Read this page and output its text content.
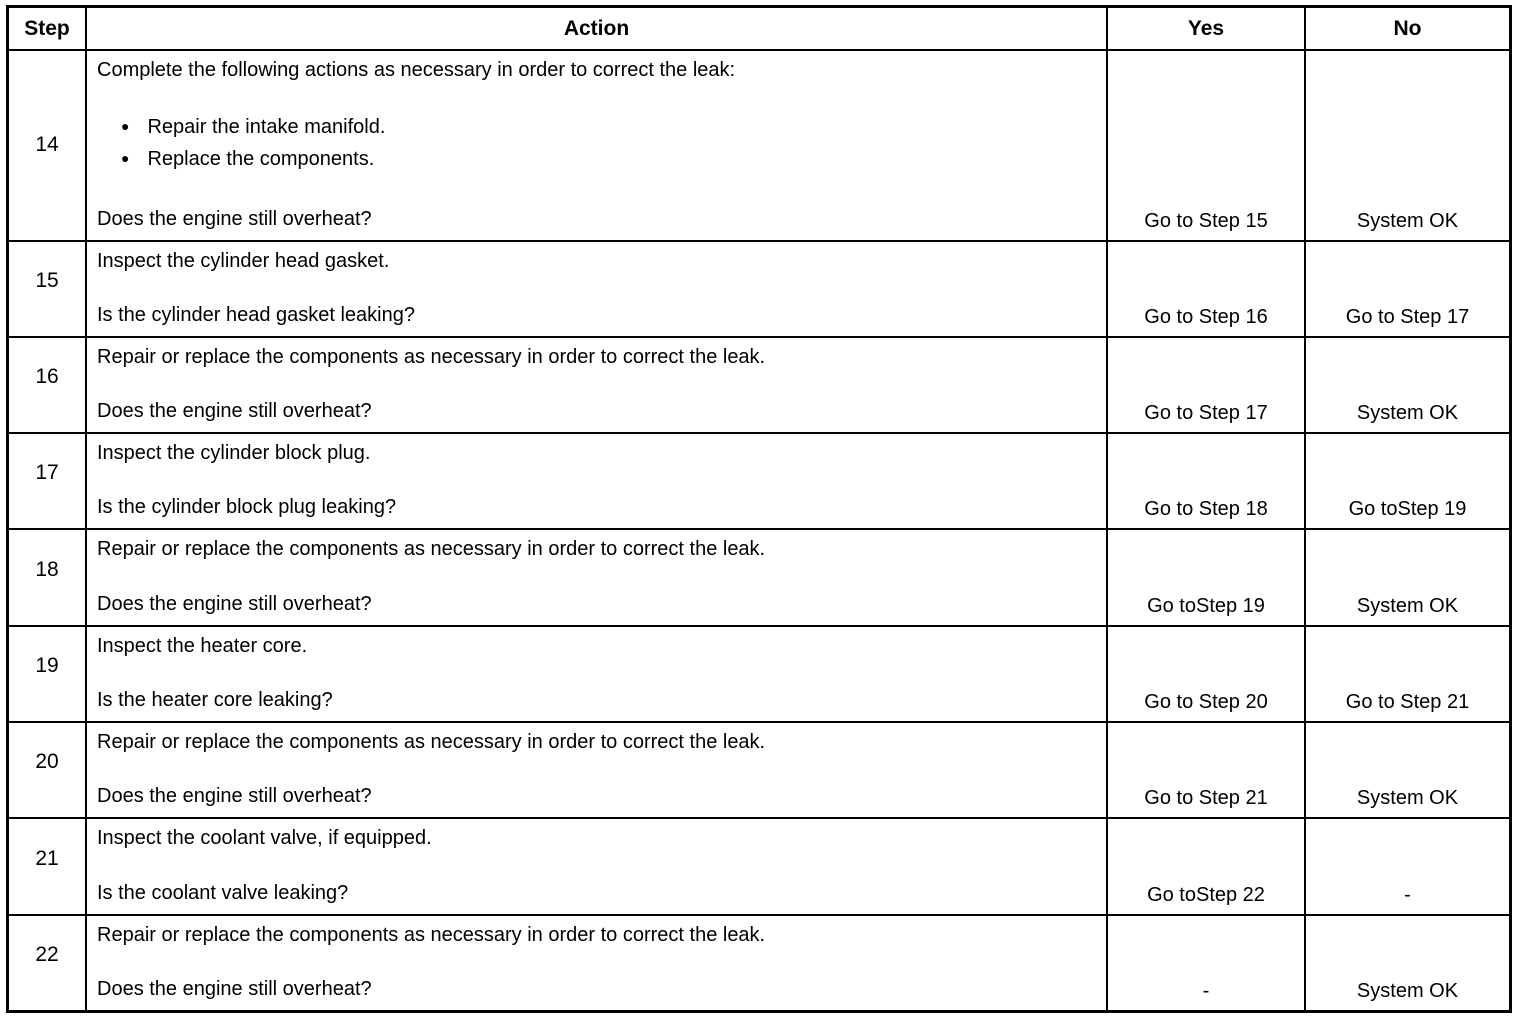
Step	Action	Yes	No
14
Complete the following actions as necessary in order to correct the leak:
● Repair the intake manifold.
● Replace the components.
Does the engine still overheat?	Go to Step 15	System OK
15
Inspect the cylinder head gasket.
Is the cylinder head gasket leaking?	Go to Step 16	Go to Step 17
16
Repair or replace the components as necessary in order to correct the leak.
Does the engine still overheat?	Go to Step 17	System OK
17
Inspect the cylinder block plug.
Is the cylinder block plug leaking?	Go to Step 18	Go toStep 19
18
Repair or replace the components as necessary in order to correct the leak.
Does the engine still overheat?	Go toStep 19	System OK
19
Inspect the heater core.
Is the heater core leaking?	Go to Step 20	Go to Step 21
20
Repair or replace the components as necessary in order to correct the leak.
Does the engine still overheat?	Go to Step 21	System OK
21
Inspect the coolant valve, if equipped.
Is the coolant valve leaking?	Go toStep 22	-
22
Repair or replace the components as necessary in order to correct the leak.
Does the engine still overheat?	-	System OK
